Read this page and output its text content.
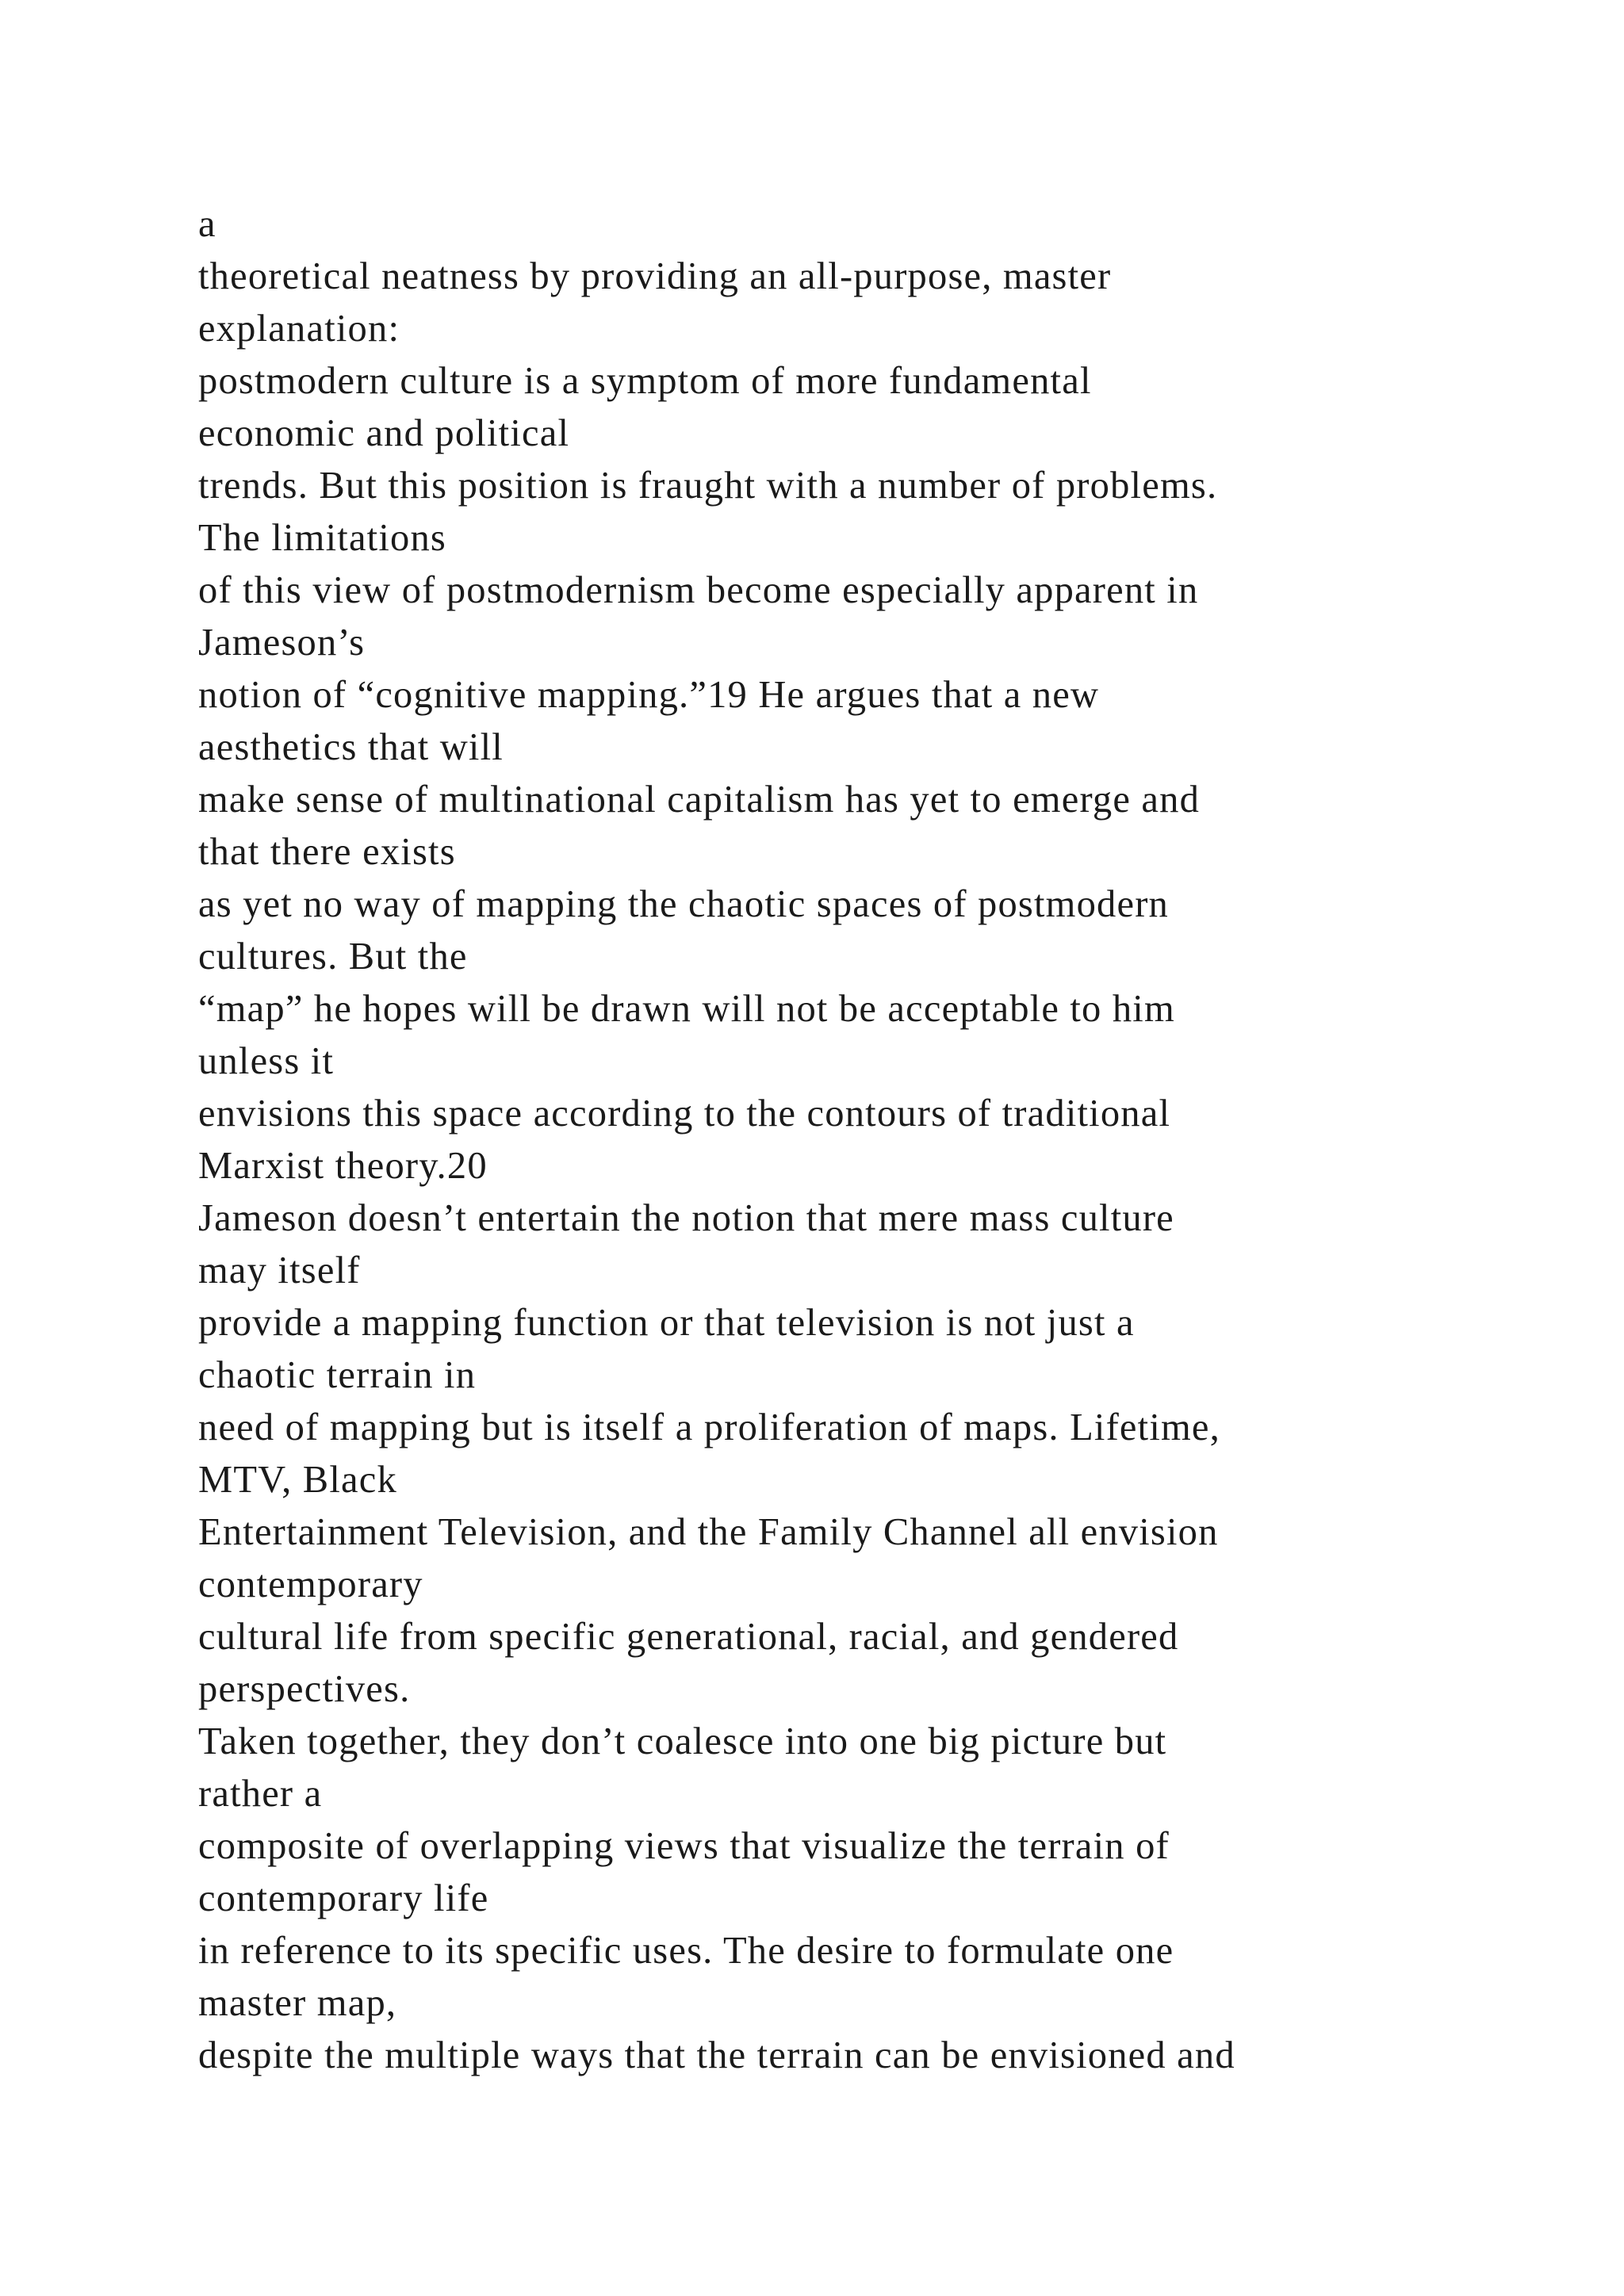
a
theoretical neatness by providing an all-purpose, master
explanation:
postmodern culture is a symptom of more fundamental
economic and political
trends. But this position is fraught with a number of problems.
The limitations
of this view of postmodernism become especially apparent in
Jameson’s
notion of “cognitive mapping.”19 He argues that a new
aesthetics that will
make sense of multinational capitalism has yet to emerge and
that there exists
as yet no way of mapping the chaotic spaces of postmodern
cultures. But the
“map” he hopes will be drawn will not be acceptable to him
unless it
envisions this space according to the contours of traditional
Marxist theory.20
Jameson doesn’t entertain the notion that mere mass culture
may itself
provide a mapping function or that television is not just a
chaotic terrain in
need of mapping but is itself a proliferation of maps. Lifetime,
MTV, Black
Entertainment Television, and the Family Channel all envision
contemporary
cultural life from specific generational, racial, and gendered
perspectives.
Taken together, they don’t coalesce into one big picture but
rather a
composite of overlapping views that visualize the terrain of
contemporary life
in reference to its specific uses. The desire to formulate one
master map,
despite the multiple ways that the terrain can be envisioned and
